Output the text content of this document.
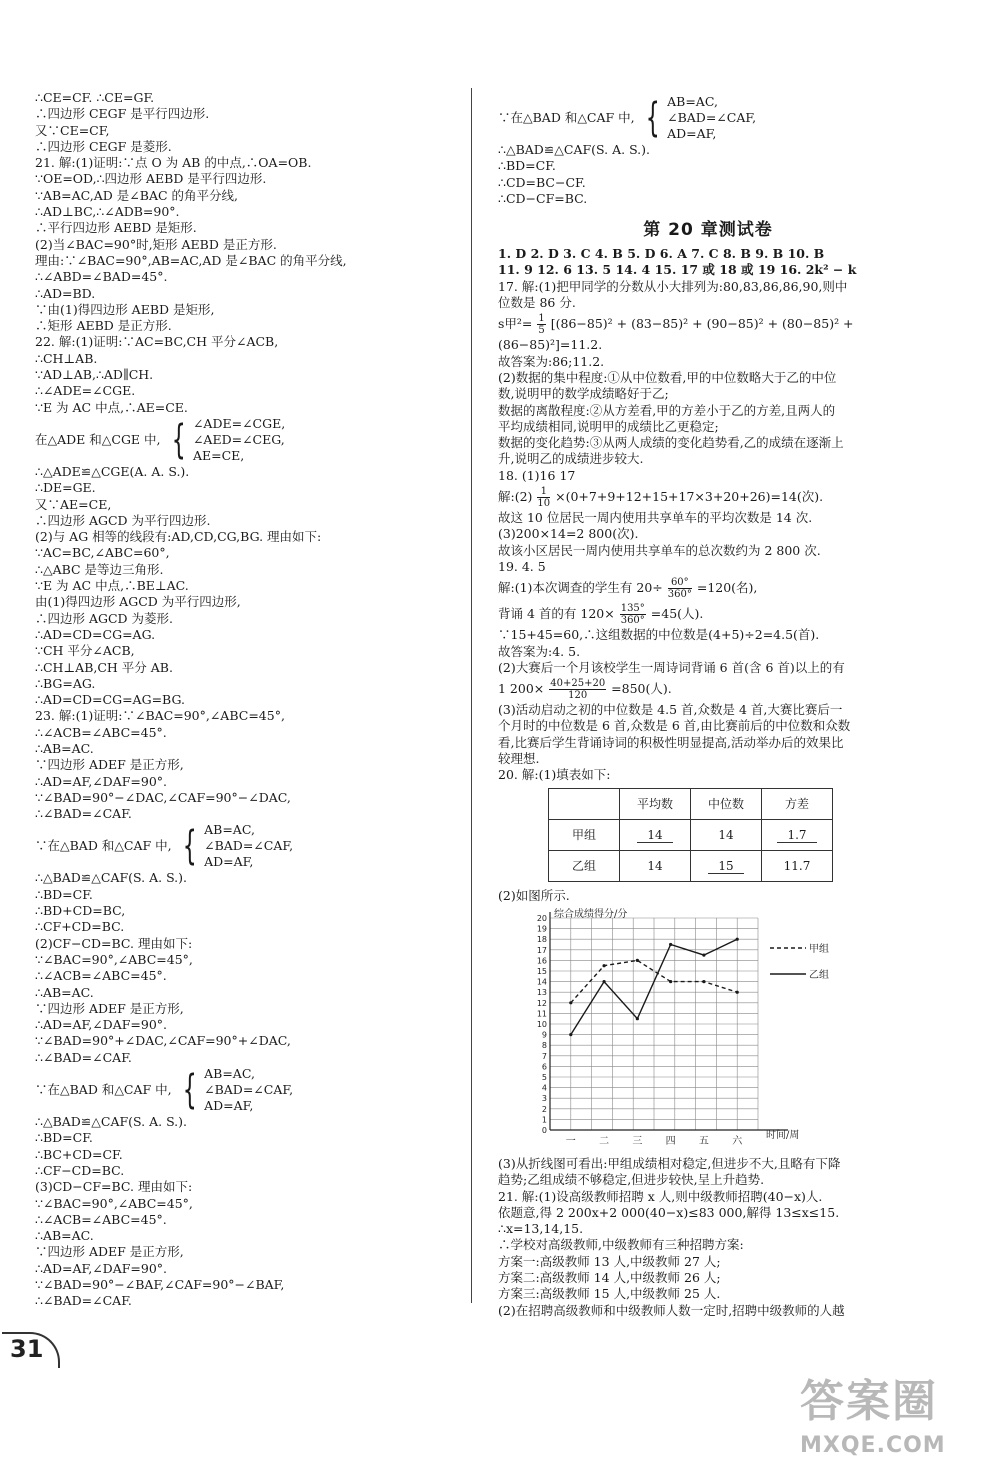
∴CE=CF. ∴CE=GF.
∴四边形 CEGF 是平行四边形.
又∵CE=CF,
∴四边形 CEGF 是菱形.
21. 解:(1)证明:∵点 O 为 AB 的中点,∴OA=OB.
∵OE=OD,∴四边形 AEBD 是平行四边形.
∵AB=AC,AD 是∠BAC 的角平分线,
∴AD⊥BC,∴∠ADB=90°.
∴平行四边形 AEBD 是矩形.
(2)当∠BAC=90°时,矩形 AEBD 是正方形.
理由:∵∠BAC=90°,AB=AC,AD 是∠BAC 的角平分线,
∴∠ABD=∠BAD=45°.
∴AD=BD.
∵由(1)得四边形 AEBD 是矩形,
∴矩形 AEBD 是正方形.
22. 解:(1)证明:∵AC=BC,CH 平分∠ACB,
∴CH⊥AB.
∵AD⊥AB,∴AD∥CH.
∴∠ADE=∠CGE.
∵E 为 AC 中点,∴AE=CE.
在△ADE 和△CGE 中, { ∠ADE=∠CGE,
∠AED=∠CEG,
AE=CE,
∴△ADE≌△CGE(A. A. S.).
∴DE=GE.
又∵AE=CE,
∴四边形 AGCD 为平行四边形.
(2)与 AG 相等的线段有:AD,CD,CG,BG. 理由如下:
∵AC=BC,∠ABC=60°,
∴△ABC 是等边三角形.
∵E 为 AC 中点,∴BE⊥AC.
由(1)得四边形 AGCD 为平行四边形,
∴四边形 AGCD 为菱形.
∴AD=CD=CG=AG.
∵CH 平分∠ACB,
∴CH⊥AB,CH 平分 AB.
∴BG=AG.
∴AD=CD=CG=AG=BG.
23. 解:(1)证明:∵∠BAC=90°,∠ABC=45°,
∴∠ACB=∠ABC=45°.
∴AB=AC.
∵四边形 ADEF 是正方形,
∴AD=AF,∠DAF=90°.
∵∠BAD=90°−∠DAC,∠CAF=90°−∠DAC,
∴∠BAD=∠CAF.
∵在△BAD 和△CAF 中, { AB=AC,
∠BAD=∠CAF,
AD=AF,
∴△BAD≌△CAF(S. A. S.).
∴BD=CF.
∴BD+CD=BC,
∴CF+CD=BC.
(2)CF−CD=BC. 理由如下:
∵∠BAC=90°,∠ABC=45°,
∴∠ACB=∠ABC=45°.
∴AB=AC.
∵四边形 ADEF 是正方形,
∴AD=AF,∠DAF=90°.
∵∠BAD=90°+∠DAC,∠CAF=90°+∠DAC,
∴∠BAD=∠CAF.
∵在△BAD 和△CAF 中, { AB=AC,
∠BAD=∠CAF,
AD=AF,
∴△BAD≌△CAF(S. A. S.).
∴BD=CF.
∴BC+CD=CF.
∴CF−CD=BC.
(3)CD−CF=BC. 理由如下:
∵∠BAC=90°,∠ABC=45°,
∴∠ACB=∠ABC=45°.
∴AB=AC.
∵四边形 ADEF 是正方形,
∴AD=AF,∠DAF=90°.
∵∠BAD=90°−∠BAF,∠CAF=90°−∠BAF,
∴∠BAD=∠CAF.
∵在△BAD 和△CAF 中, { AB=AC,
∠BAD=∠CAF,
AD=AF,
∴△BAD≌△CAF(S. A. S.).
∴BD=CF.
∴CD=BC−CF.
∴CD−CF=BC.
第 20 章测试卷
1. D 2. D 3. C 4. B 5. D 6. A 7. C 8. B 9. B 10. B
11. 9 12. 6 13. 5 14. 4 15. 17 或 18 或 19 16. 2k² − k
17. 解:(1)把甲同学的分数从小大排列为:80,83,86,86,90,则中
位数是 86 分.
s甲$^2= \frac{1}{5} [(86-85)^2 + (83-85)^2 + (90-85)^2 + (80-85)^2$ +
(86−85)²]=11.2.
故答案为:86;11.2.
(2)数据的集中程度:①从中位数看,甲的中位数略大于乙的中位
数,说明甲的数学成绩略好于乙;
数据的离散程度:②从方差看,甲的方差小于乙的方差,且两人的
平均成绩相同,说明甲的成绩比乙更稳定;
数据的变化趋势:③从两人成绩的变化趋势看,乙的成绩在逐渐上
升,说明乙的成绩进步较大.
18. (1)16 17
解:(2) $\frac{1}{10} \times(0+7+9+12+15+17\times 3+20+26)=14$(次).
故这 10 位居民一周内使用共享单车的平均次数是 14 次.
(3)200×14=2 800(次).
故该小区居民一周内使用共享单车的总次数约为 2 800 次.
19. 4. 5
解:(1)本次调查的学生有 $20\div \frac{60^\circ}{360^\circ} =120$(名),
背诵 4 首的有 $120\times \frac{135^\circ}{360^\circ} =45$(人).
∵15+45=60,∴这组数据的中位数是(4+5)÷2=4.5(首).
故答案为:4. 5.
(2)大赛后一个月该校学生一周诗词背诵 6 首(含 6 首)以上的有
1 $200\times \frac{40+25+20}{120} =850$(人).
(3)活动启动之初的中位数是 4.5 首,众数是 4 首,大赛比赛后一
个月时的中位数是 6 首,众数是 6 首,由比赛前后的中位数和众数
看,比赛后学生背诵诗词的积极性明显提高,活动举办后的效果比
较理想.
20. 解:(1)填表如下:
	平均数	中位数	方差
甲组	14	14	1.7
乙组	14	15	11.7
(2)如图所示.
1
2
3
4
5
6
7
8
9
10
11
12
13
14
15
16
17
18
19
20
0
综合成绩得分/分
一 二 三 四 五 六
时间/周
甲组
乙组
(3)从折线图可看出:甲组成绩相对稳定,但进步不大,且略有下降
趋势;乙组成绩不够稳定,但进步较快,呈上升趋势.
21. 解:(1)设高级教师招聘 x 人,则中级教师招聘(40−x)人.
依题意,得 2 200x+2 000(40−x)≤83 000,解得 13≤x≤15.
∴x=13,14,15.
∴学校对高级教师,中级教师有三种招聘方案:
方案一:高级教师 13 人,中级教师 27 人;
方案二:高级教师 14 人,中级教师 26 人;
方案三:高级教师 15 人,中级教师 25 人.
(2)在招聘高级教师和中级教师人数一定时,招聘中级教师的人越
31
答案圈
MXQE.COM
